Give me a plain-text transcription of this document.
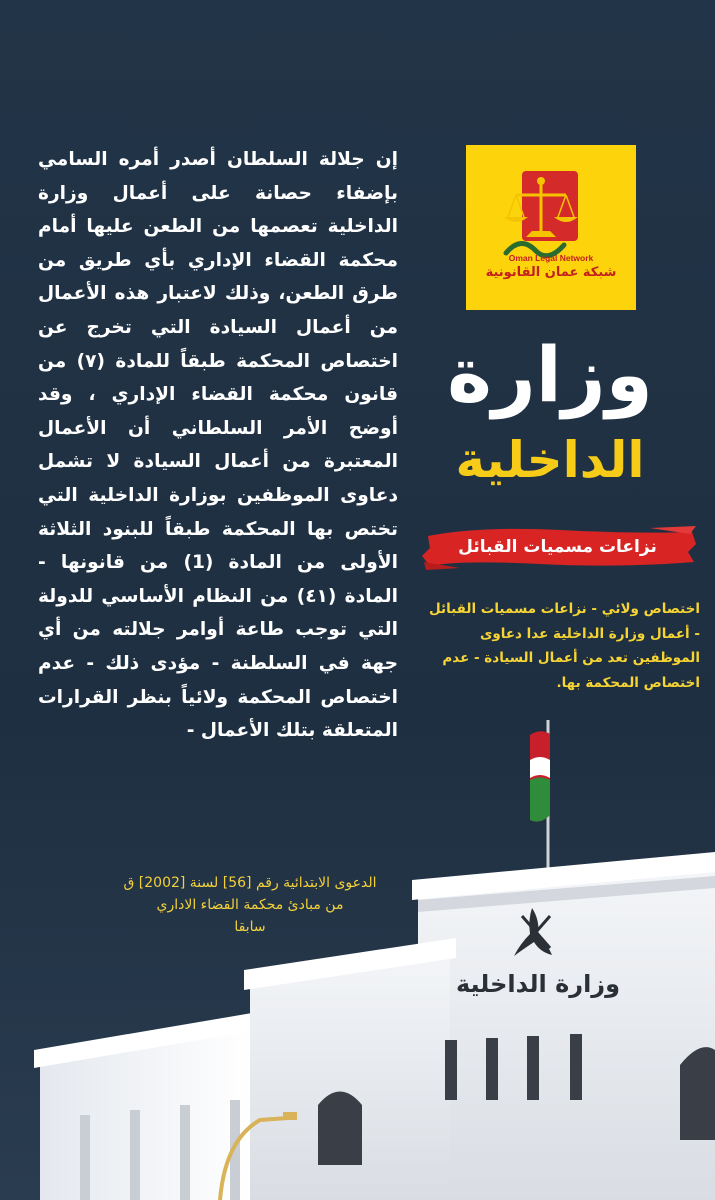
إن جلالة السلطان أصدر أمره السامي بإضفاء حصانة على أعمال وزارة الداخلية تعصمها من الطعن عليها أمام محكمة القضاء الإداري بأي طريق من طرق الطعن، وذلك لاعتبار هذه الأعمال من أعمال السيادة التي تخرج عن اختصاص المحكمة طبقاً للمادة (٧) من قانون محكمة القضاء الإداري ، وقد أوضح الأمر السلطاني أن الأعمال المعتبرة من أعمال السيادة لا تشمل دعاوى الموظفين بوزارة الداخلية التي تختص بها المحكمة طبقاً للبنود الثلاثة الأولى من المادة (1) من قانونها - المادة (٤١) من النظام الأساسي للدولة التي توجب طاعة أوامر جلالته من أي جهة في السلطنة - مؤدى ذلك - عدم اختصاص المحكمة ولائياً بنظر القرارات المتعلقة بتلك الأعمال -
الدعوى الابتدائية رقم [56] لسنة [2002] ق
من مبادئ محكمة القضاء الاداري
سابقا
Oman Legal Network
شبكة عمان القانونية
وزارة
الداخلية
نزاعات مسميات القبائل
اختصاص ولائي - نزاعات مسميات القبائل - أعمال وزارة الداخلية عدا دعاوى الموظفين تعد من أعمال السيادة - عدم اختصاص المحكمة بها.
وزارة الداخلية
